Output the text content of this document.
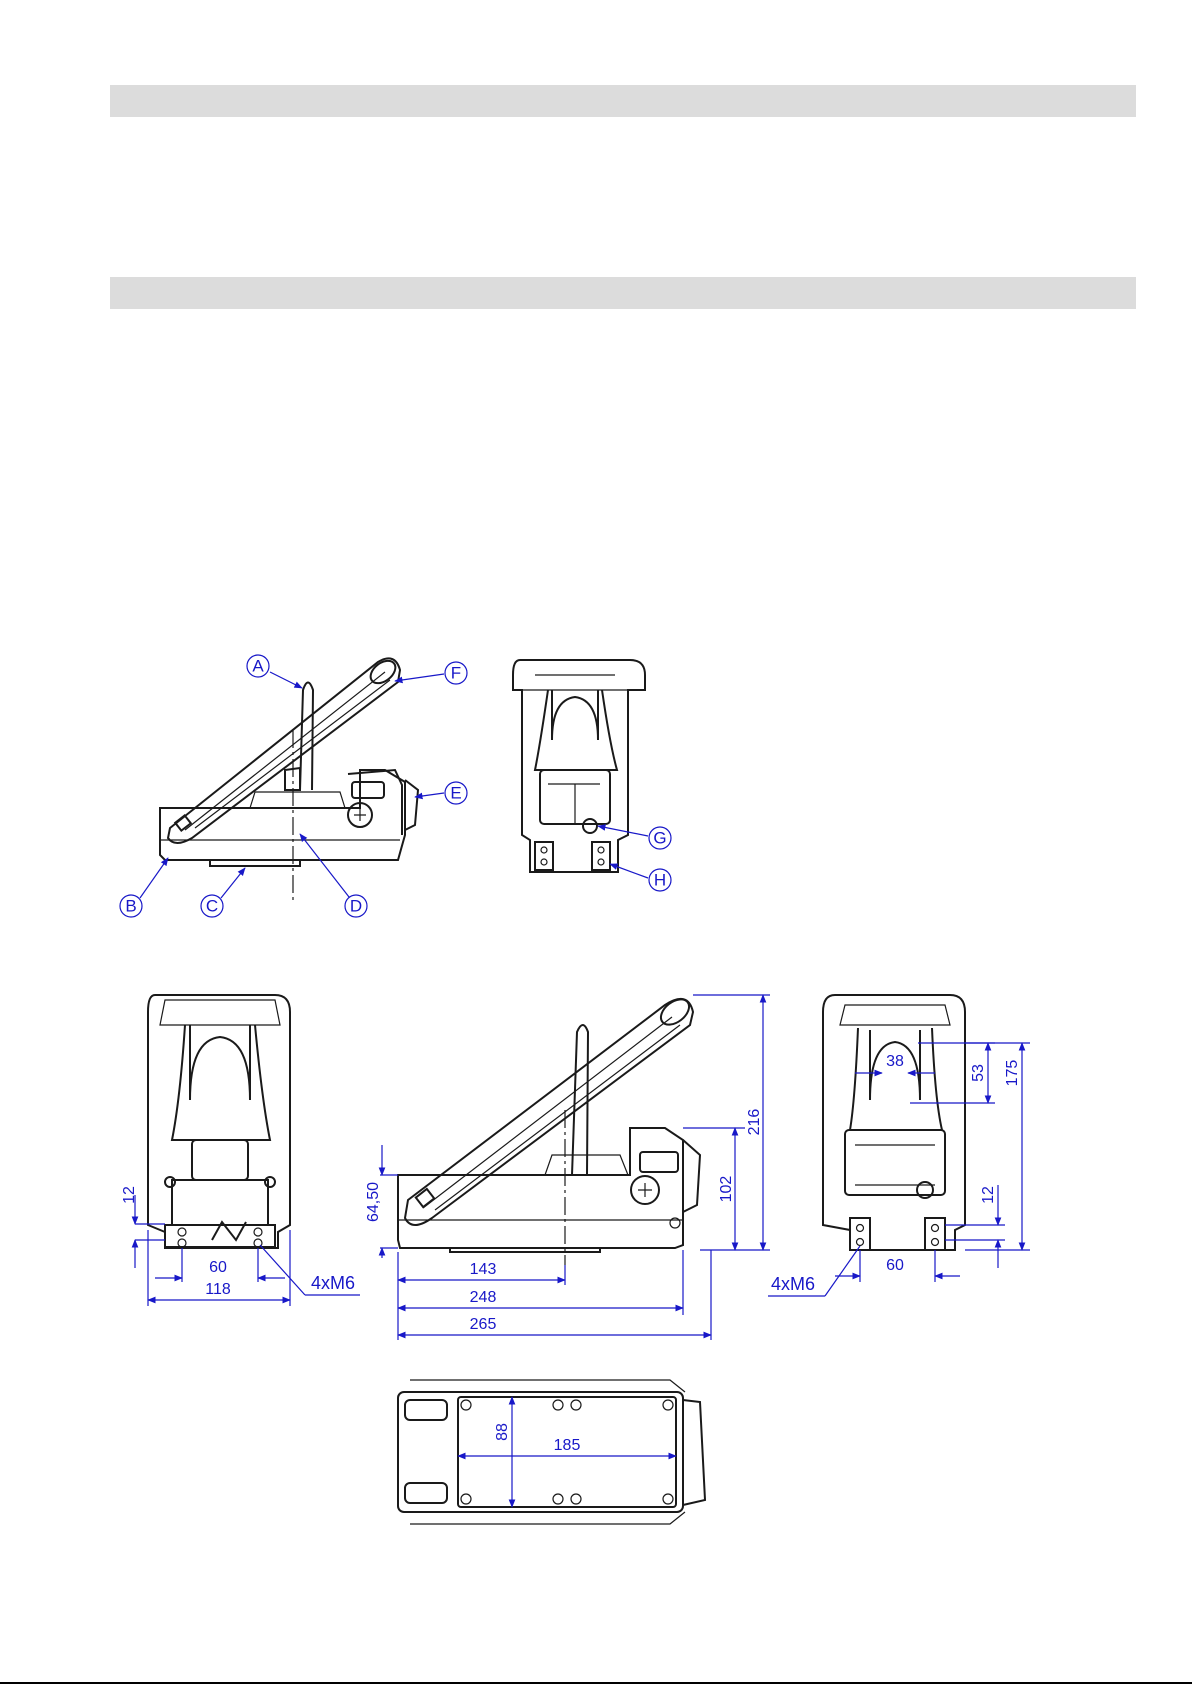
A	F
E
B	C	D
G
H
12
60
118	4xM6
64,50
143
248
265
102
216
38
53 175
12
60
4xM6
88
185
